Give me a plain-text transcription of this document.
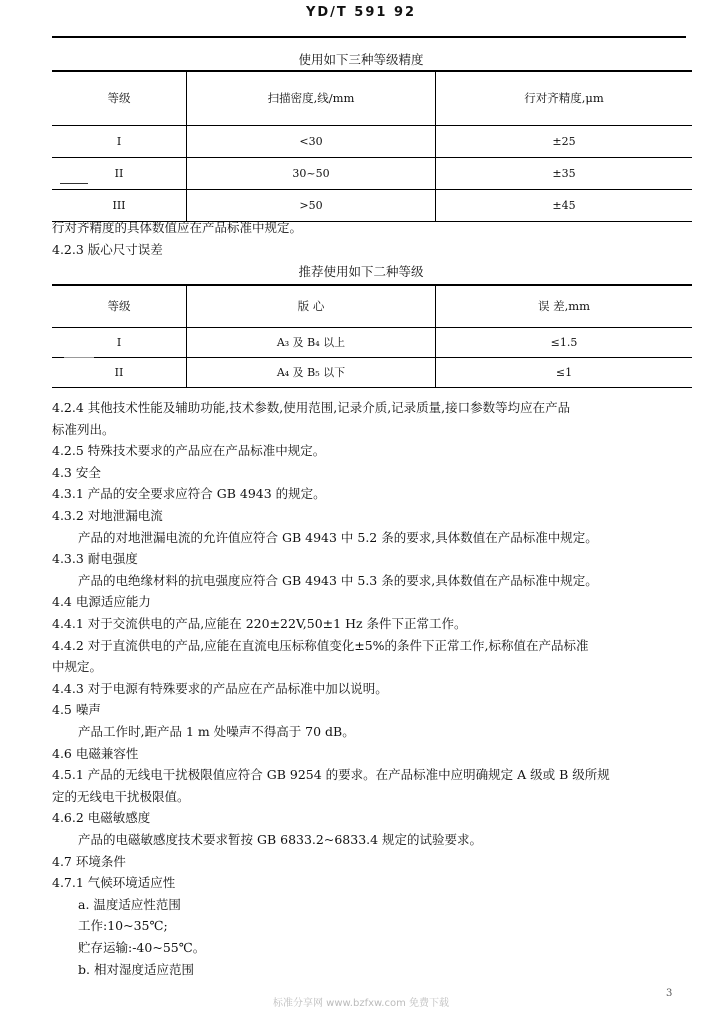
YD/T 591 92
使用如下三种等级精度
等级	扫描密度,线/mm	行对齐精度,μm
I	<30	±25
II	30~50	±35
III	>50	±45
行对齐精度的具体数值应在产品标准中规定。
4.2.3 版心尺寸误差
推荐使用如下二种等级
等级	版 心	误 差,mm
I	A₃ 及 B₄ 以上	≤1.5
II	A₄ 及 B₅ 以下	≤1
4.2.4 其他技术性能及辅助功能,技术参数,使用范围,记录介质,记录质量,接口参数等均应在产品
标准列出。
4.2.5 特殊技术要求的产品应在产品标准中规定。
4.3 安全
4.3.1 产品的安全要求应符合 GB 4943 的规定。
4.3.2 对地泄漏电流
产品的对地泄漏电流的允许值应符合 GB 4943 中 5.2 条的要求,具体数值在产品标准中规定。
4.3.3 耐电强度
产品的电绝缘材料的抗电强度应符合 GB 4943 中 5.3 条的要求,具体数值在产品标准中规定。
4.4 电源适应能力
4.4.1 对于交流供电的产品,应能在 220±22V,50±1 Hz 条件下正常工作。
4.4.2 对于直流供电的产品,应能在直流电压标称值变化±5%的条件下正常工作,标称值在产品标准
中规定。
4.4.3 对于电源有特殊要求的产品应在产品标准中加以说明。
4.5 噪声
产品工作时,距产品 1 m 处噪声不得高于 70 dB。
4.6 电磁兼容性
4.5.1 产品的无线电干扰极限值应符合 GB 9254 的要求。在产品标准中应明确规定 A 级或 B 级所规
定的无线电干扰极限值。
4.6.2 电磁敏感度
产品的电磁敏感度技术要求暂按 GB 6833.2~6833.4 规定的试验要求。
4.7 环境条件
4.7.1 气候环境适应性
a. 温度适应性范围
工作:10~35℃;
贮存运输:-40~55℃。
b. 相对湿度适应范围
标准分享网 www.bzfxw.com 免费下载
3
